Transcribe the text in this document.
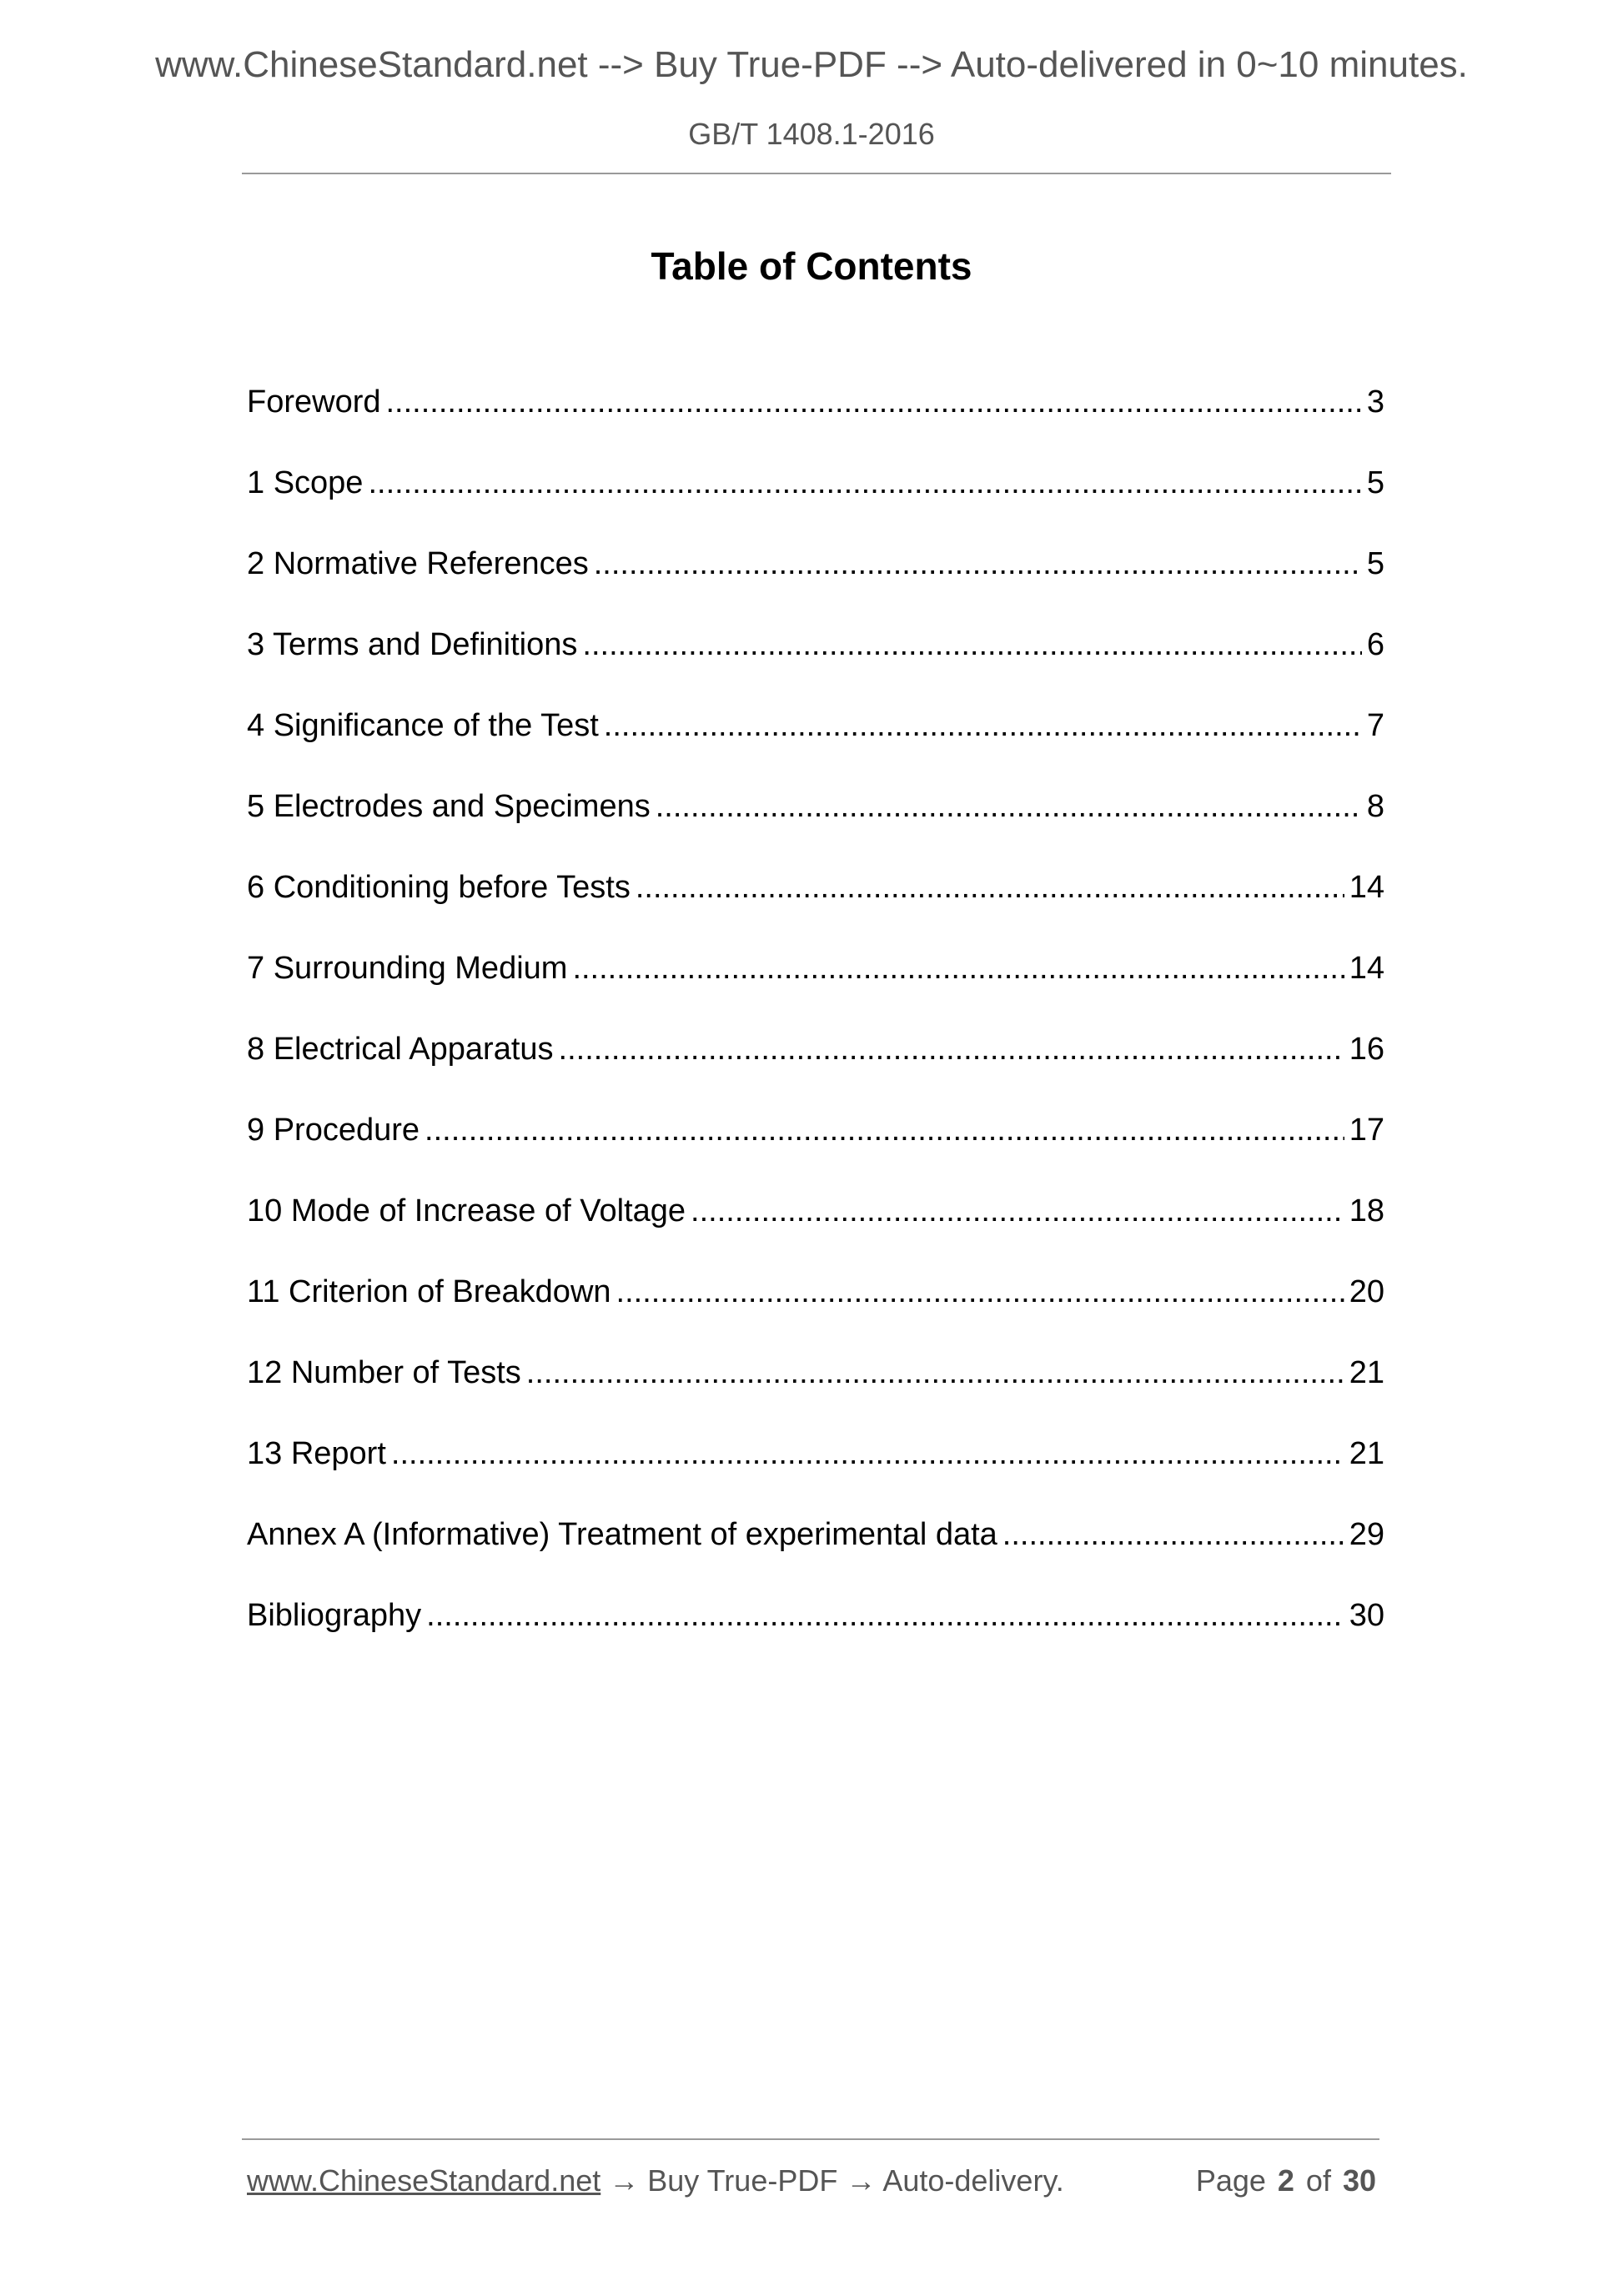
www.ChineseStandard.net --> Buy True-PDF --> Auto-delivered in 0~10 minutes.
GB/T 1408.1-2016
Table of Contents
Foreword .....	3
1 Scope .....	5
2 Normative References .....	5
3 Terms and Definitions .....	6
4 Significance of the Test .....	7
5 Electrodes and Specimens .....	8
6 Conditioning before Tests .....	14
7 Surrounding Medium .....	14
8 Electrical Apparatus .....	16
9 Procedure .....	17
10 Mode of Increase of Voltage .....	18
11 Criterion of Breakdown .....	20
12 Number of Tests .....	21
13 Report .....	21
Annex A (Informative) Treatment of experimental data .....	29
Bibliography .....	30
www.ChineseStandard.net → Buy True-PDF → Auto-delivery.	Page 2 of 30
